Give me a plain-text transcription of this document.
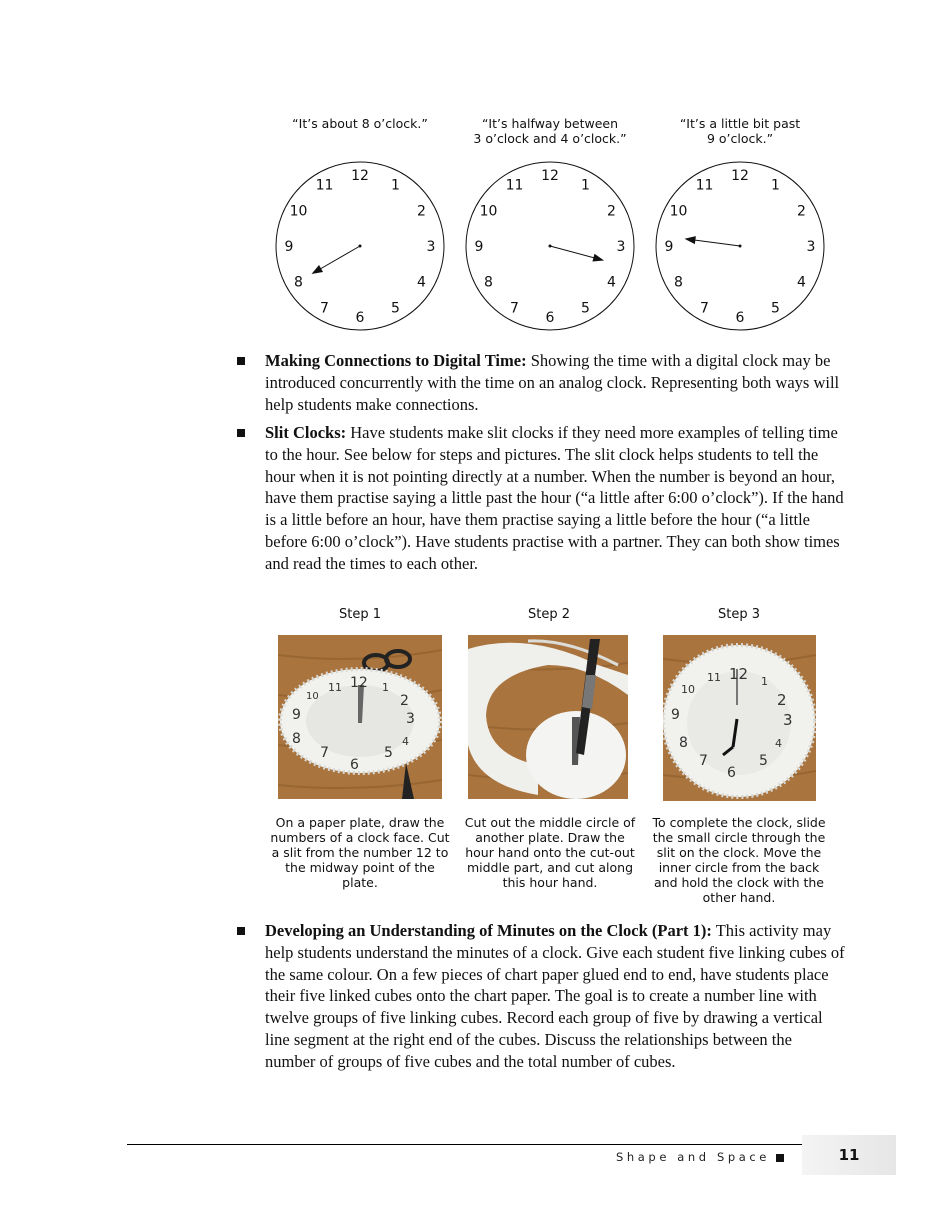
“It’s about 8 o’clock.”	“It’s halfway between
3 o’clock and 4 o’clock.”
“It’s a little bit past
9 o’clock.”
12
1
2
3
4
5
6
7
8
9
10
11
12
1
2
3
4
5
6
7
8
9
10
11
12
1
2
3
4
5
6
7
8
9
10
11
Making Connections to Digital Time: Showing the time with a digital clock may be introduced concurrently with the time on an analog clock. Representing both ways will help students make connections.
Slit Clocks: Have students make slit clocks if they need more examples of telling time to the hour. See below for steps and pictures. The slit clock helps students to tell the hour when it is not pointing directly at a number. When the number is beyond an hour, have them practise saying a little past the hour (“a little after 6:00 o’clock”). If the hand is a little before an hour, have them practise saying a little before the hour (“a little before 6:00 o’clock”). Have students practise with a partner. They can both show times and read the times to each other.
Step 1	Step 2	Step 3
12
11
10
9
8
7
6
5
4
3
2
1
12
11
10
9
8
7
6
5
4
3
2
1
On a paper plate, draw the numbers of a clock face. Cut a slit from the number 12 to the midway point of the plate.
Cut out the middle circle of another plate. Draw the hour hand onto the cut-out middle part, and cut along this hour hand.
To complete the clock, slide the small circle through the slit on the clock. Move the inner circle from the back and hold the clock with the other hand.
Developing an Understanding of Minutes on the Clock (Part 1): This activity may help students understand the minutes of a clock. Give each student five linking cubes of the same colour. On a few pieces of chart paper glued end to end, have students place their five linked cubes onto the chart paper. The goal is to create a number line with twelve groups of five linking cubes. Record each group of five by drawing a vertical line segment at the right end of the cubes. Discuss the relationships between the number of groups of five cubes and the total number of cubes.
Shape and Space	11
